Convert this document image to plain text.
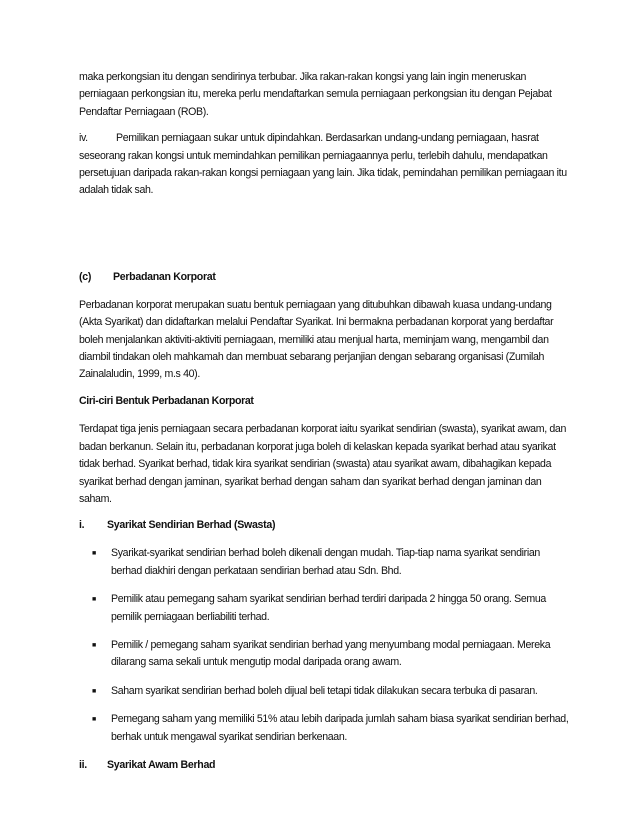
maka perkongsian itu dengan sendirinya terbubar. Jika rakan-rakan kongsi yang lain ingin meneruskan perniagaan perkongsian itu, mereka perlu mendaftarkan semula perniagaan perkongsian itu dengan Pejabat Pendaftar Perniagaan (ROB).

iv.	Pemilikan perniagaan sukar untuk dipindahkan. Berdasarkan undang-undang perniagaan, hasrat seseorang rakan kongsi untuk memindahkan pemilikan perniagaannya perlu, terlebih dahulu, mendapatkan persetujuan daripada rakan-rakan kongsi perniagaan yang lain. Jika tidak, pemindahan pemilikan perniagaan itu adalah tidak sah.

(c)	Perbadanan Korporat

Perbadanan korporat merupakan suatu bentuk perniagaan yang ditubuhkan dibawah kuasa undang-undang (Akta Syarikat) dan didaftarkan melalui Pendaftar Syarikat. Ini bermakna perbadanan korporat yang berdaftar boleh menjalankan aktiviti-aktiviti perniagaan, memiliki atau menjual harta, meminjam wang, mengambil dan diambil tindakan oleh mahkamah dan membuat sebarang perjanjian dengan sebarang organisasi (Zumilah Zainalaludin, 1999, m.s 40).

Ciri-ciri Bentuk Perbadanan Korporat

Terdapat tiga jenis perniagaan secara perbadanan korporat iaitu syarikat sendirian (swasta), syarikat awam, dan badan berkanun. Selain itu, perbadanan korporat juga boleh di kelaskan kepada syarikat berhad atau syarikat tidak berhad. Syarikat berhad, tidak kira syarikat sendirian (swasta) atau syarikat awam, dibahagikan kepada syarikat berhad dengan jaminan, syarikat berhad dengan saham dan syarikat berhad dengan jaminan dan saham.

i.	Syarikat Sendirian Berhad (Swasta)
■	Syarikat-syarikat sendirian berhad boleh dikenali dengan mudah. Tiap-tiap nama syarikat sendirian berhad diakhiri dengan perkataan sendirian berhad atau Sdn. Bhd.

■	Pemilik atau pemegang saham syarikat sendirian berhad terdiri daripada 2 hingga 50 orang. Semua pemilik perniagaan berliabiliti terhad.

■	Pemilik / pemegang saham syarikat sendirian berhad yang menyumbang modal perniagaan. Mereka dilarang sama sekali untuk mengutip modal daripada orang awam.

■	Saham syarikat sendirian berhad boleh dijual beli tetapi tidak dilakukan secara terbuka di pasaran.

■	Pemegang saham yang memiliki 51% atau lebih daripada jumlah saham biasa syarikat sendirian berhad, berhak untuk mengawal syarikat sendirian berkenaan.

ii.	Syarikat Awam Berhad
